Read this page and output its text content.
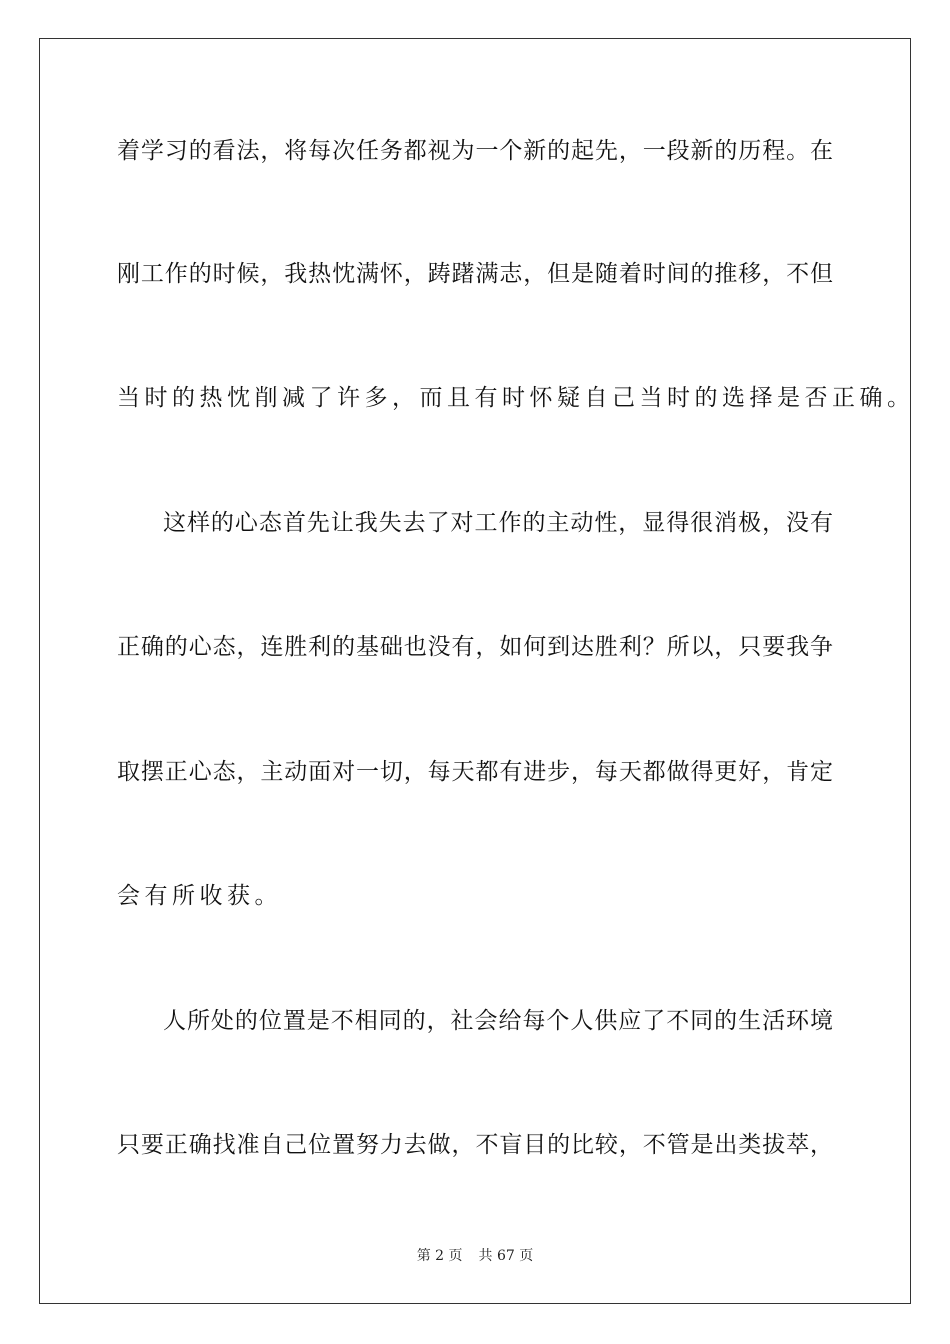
着学习的看法，将每次任务都视为一个新的起先，一段新的历程。在
刚工作的时候，我热忱满怀，踌躇满志，但是随着时间的推移，不但
当时的热忱削减了许多，而且有时怀疑自己当时的选择是否正确。
这样的心态首先让我失去了对工作的主动性，显得很消极，没有
正确的心态，连胜利的基础也没有，如何到达胜利？所以，只要我争
取摆正心态，主动面对一切，每天都有进步，每天都做得更好，肯定
会有所收获。
人所处的位置是不相同的，社会给每个人供应了不同的生活环境
只要正确找准自己位置努力去做，不盲目的比较，不管是出类拔萃，
第 2 页 共 67 页
